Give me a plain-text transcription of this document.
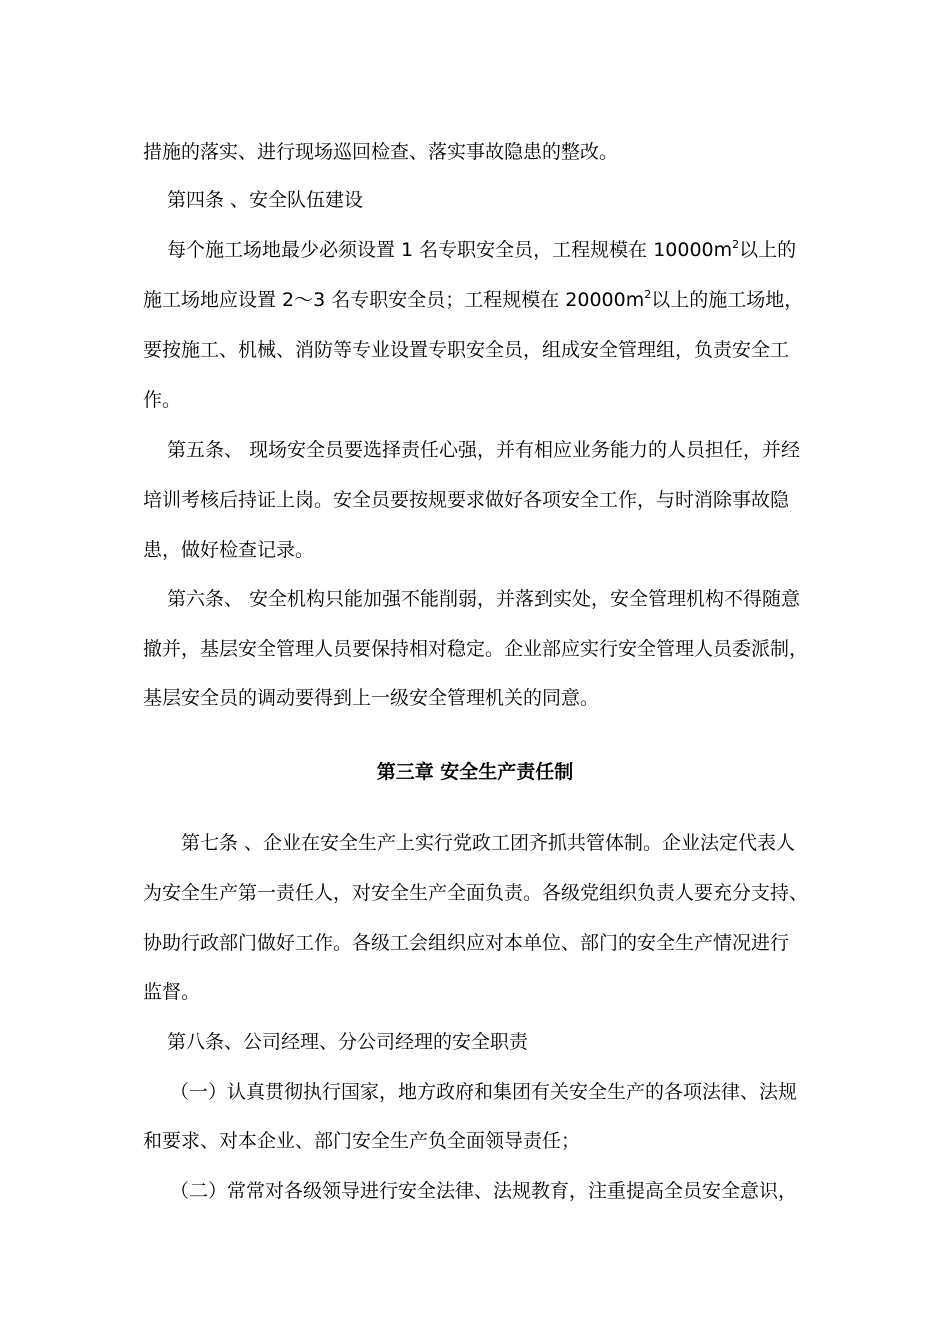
措施的落实、进行现场巡回检查、落实事故隐患的整改。
第四条 、安全队伍建设
每个施工场地最少必须设置 1 名专职安全员，工程规模在 $10000m^2$以上的
施工场地应设置 2～3 名专职安全员；工程规模在 $20000m^2$以上的施工场地，
要按施工、机械、消防等专业设置专职安全员，组成安全管理组，负责安全工
作。
第五条、 现场安全员要选择责任心强，并有相应业务能力的人员担任，并经
培训考核后持证上岗。安全员要按规要求做好各项安全工作，与时消除事故隐
患，做好检查记录。
第六条、 安全机构只能加强不能削弱，并落到实处，安全管理机构不得随意
撤并，基层安全管理人员要保持相对稳定。企业部应实行安全管理人员委派制，
基层安全员的调动要得到上一级安全管理机关的同意。
第三章 安全生产责任制
第七条 、企业在安全生产上实行党政工团齐抓共管体制。企业法定代表人
为安全生产第一责任人，对安全生产全面负责。各级党组织负责人要充分支持、
协助行政部门做好工作。各级工会组织应对本单位、部门的安全生产情况进行
监督。
第八条、公司经理、分公司经理的安全职责
（一）认真贯彻执行国家，地方政府和集团有关安全生产的各项法律、法规
和要求、对本企业、部门安全生产负全面领导责任；
（二）常常对各级领导进行安全法律、法规教育，注重提高全员安全意识，
